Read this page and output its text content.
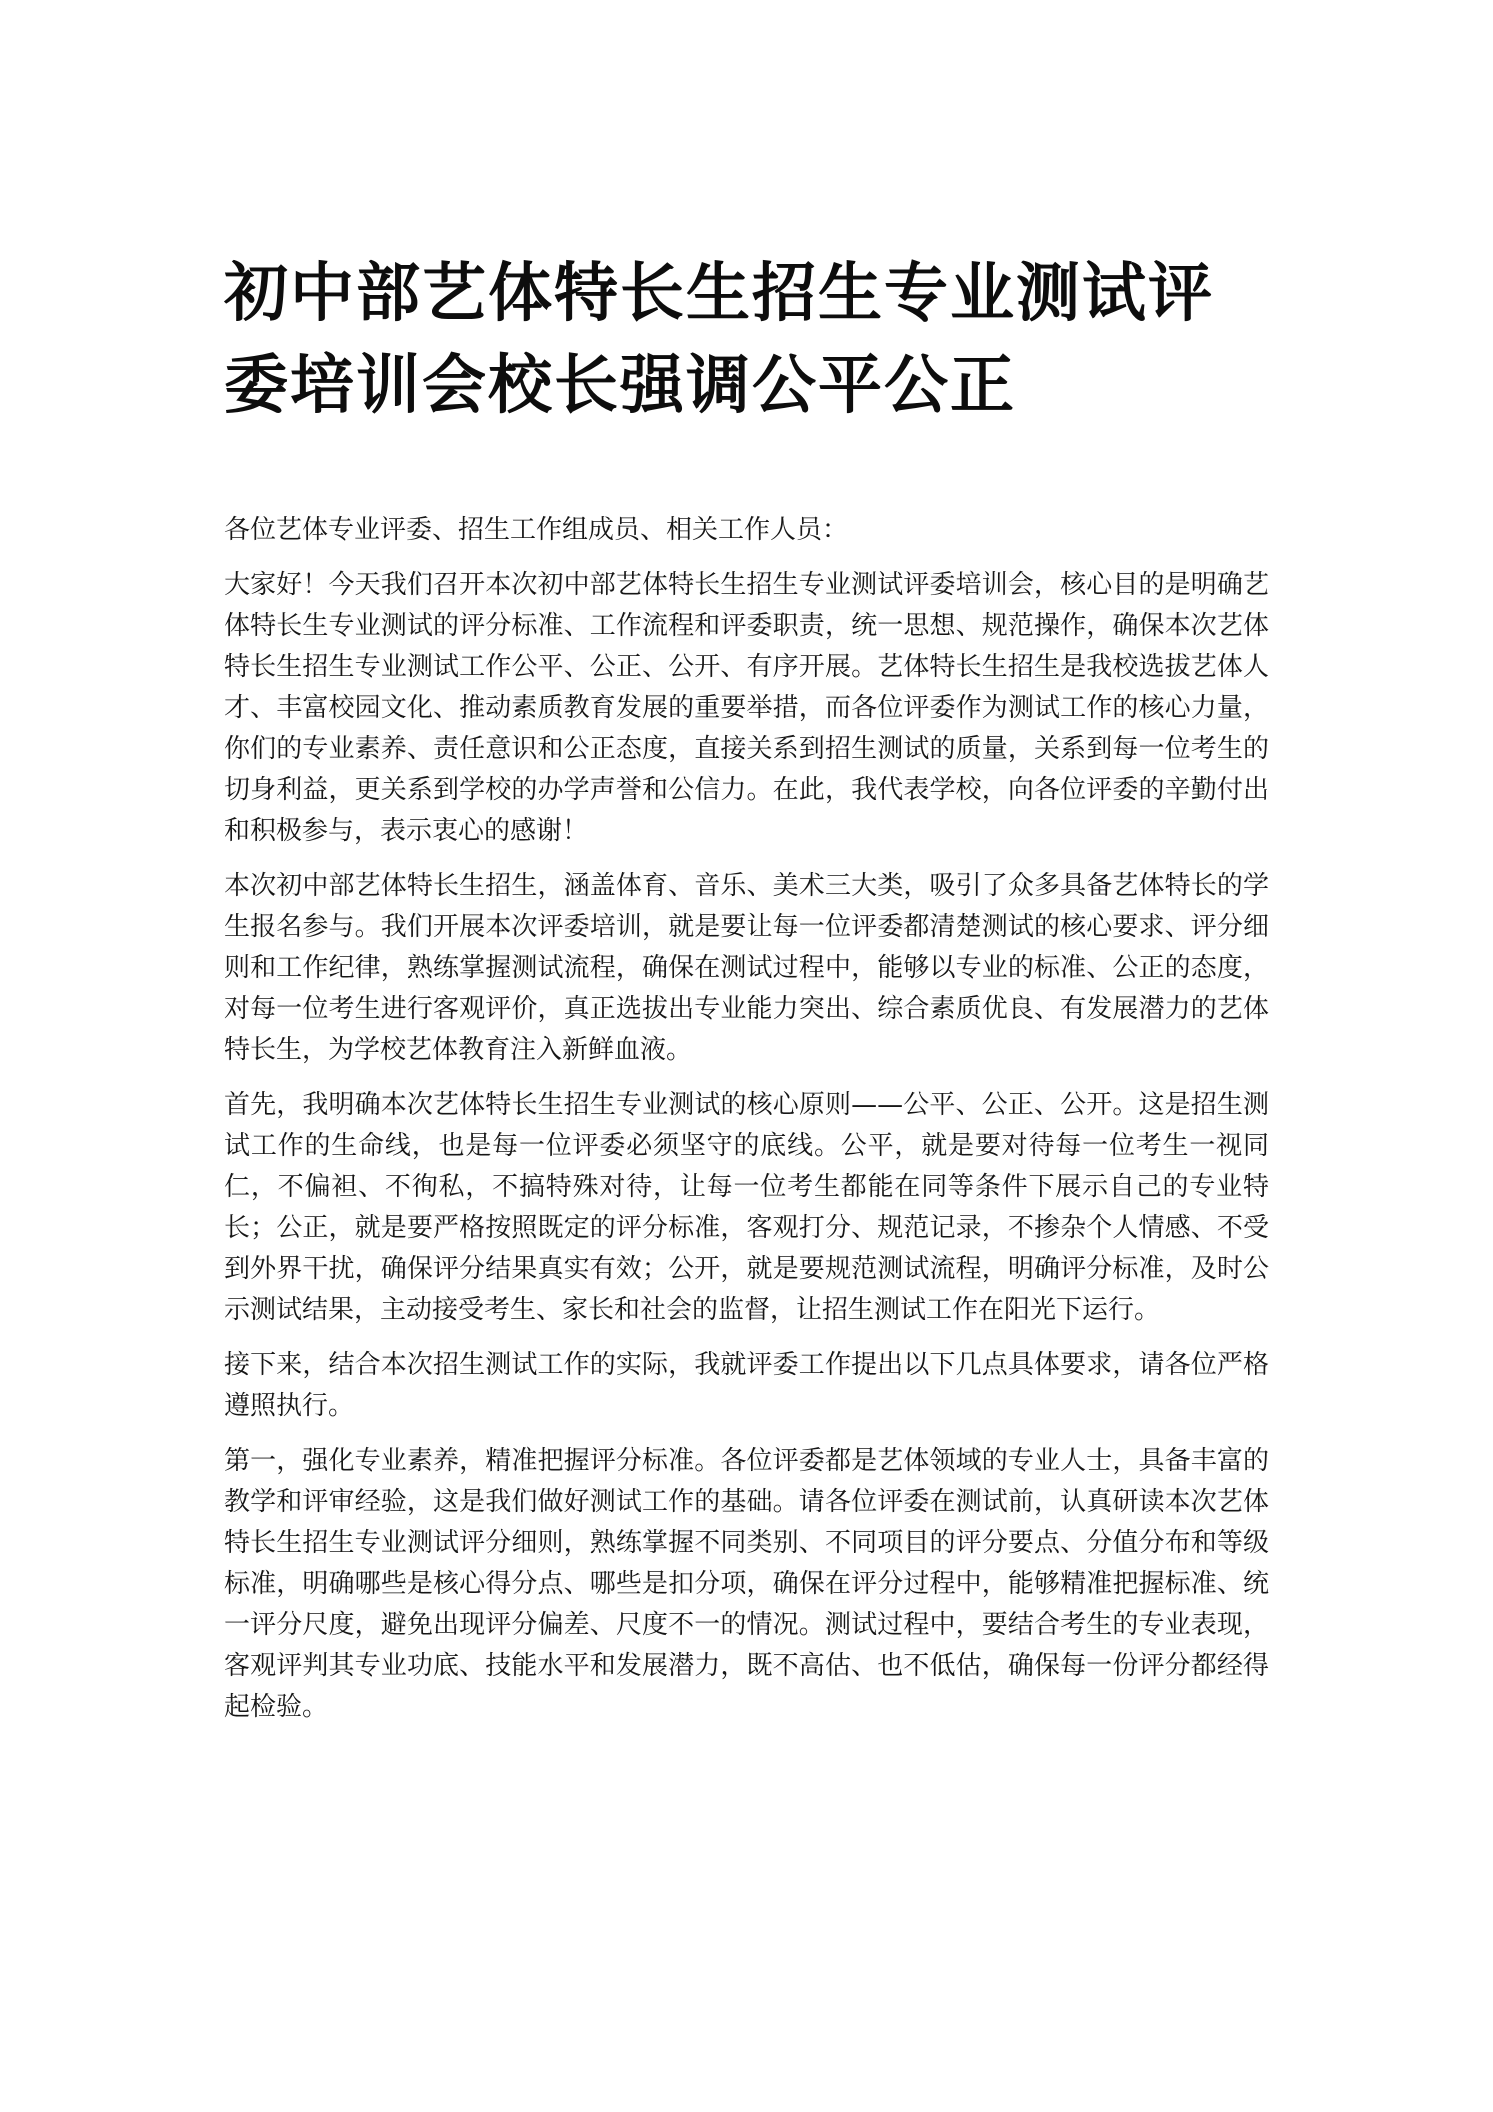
初中部艺体特长生招生专业测试评
委培训会校长强调公平公正

各位艺体专业评委、招生工作组成员、相关工作人员：

大家好！今天我们召开本次初中部艺体特长生招生专业测试评委培训会，核心目的是明确艺体特长生专业测试的评分标准、工作流程和评委职责，统一思想、规范操作，确保本次艺体特长生招生专业测试工作公平、公正、公开、有序开展。艺体特长生招生是我校选拔艺体人才、丰富校园文化、推动素质教育发展的重要举措，而各位评委作为测试工作的核心力量，你们的专业素养、责任意识和公正态度，直接关系到招生测试的质量，关系到每一位考生的切身利益，更关系到学校的办学声誉和公信力。在此，我代表学校，向各位评委的辛勤付出和积极参与，表示衷心的感谢！

本次初中部艺体特长生招生，涵盖体育、音乐、美术三大类，吸引了众多具备艺体特长的学生报名参与。我们开展本次评委培训，就是要让每一位评委都清楚测试的核心要求、评分细则和工作纪律，熟练掌握测试流程，确保在测试过程中，能够以专业的标准、公正的态度，对每一位考生进行客观评价，真正选拔出专业能力突出、综合素质优良、有发展潜力的艺体特长生，为学校艺体教育注入新鲜血液。

首先，我明确本次艺体特长生招生专业测试的核心原则——公平、公正、公开。这是招生测试工作的生命线，也是每一位评委必须坚守的底线。公平，就是要对待每一位考生一视同仁，不偏袒、不徇私，不搞特殊对待，让每一位考生都能在同等条件下展示自己的专业特长；公正，就是要严格按照既定的评分标准，客观打分、规范记录，不掺杂个人情感、不受到外界干扰，确保评分结果真实有效；公开，就是要规范测试流程，明确评分标准，及时公示测试结果，主动接受考生、家长和社会的监督，让招生测试工作在阳光下运行。

接下来，结合本次招生测试工作的实际，我就评委工作提出以下几点具体要求，请各位严格遵照执行。

第一，强化专业素养，精准把握评分标准。各位评委都是艺体领域的专业人士，具备丰富的教学和评审经验，这是我们做好测试工作的基础。请各位评委在测试前，认真研读本次艺体特长生招生专业测试评分细则，熟练掌握不同类别、不同项目的评分要点、分值分布和等级标准，明确哪些是核心得分点、哪些是扣分项，确保在评分过程中，能够精准把握标准、统一评分尺度，避免出现评分偏差、尺度不一的情况。测试过程中，要结合考生的专业表现，客观评判其专业功底、技能水平和发展潜力，既不高估、也不低估，确保每一份评分都经得起检验。
